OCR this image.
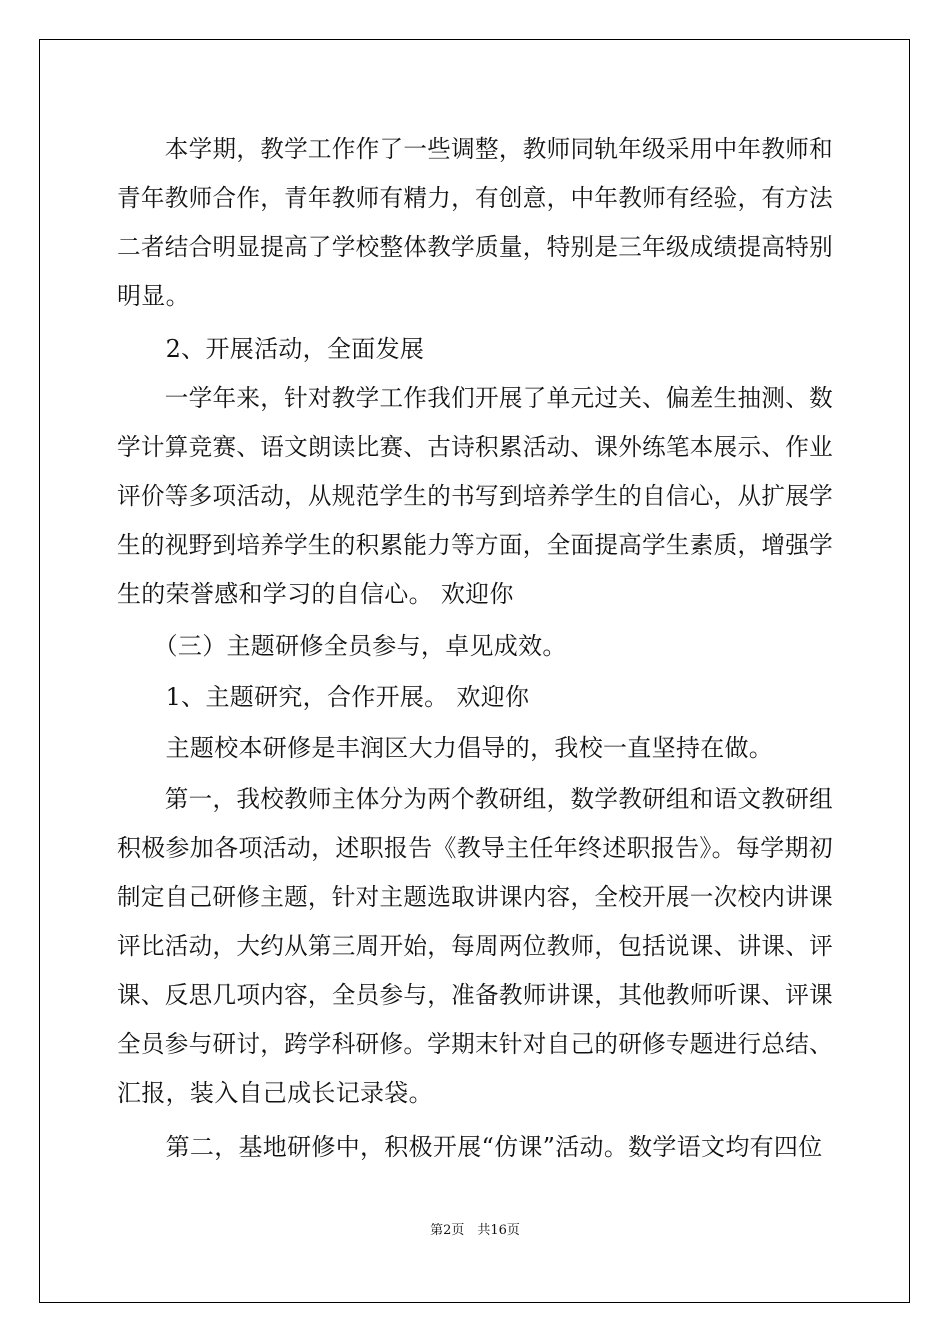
　　本学期，教学工作作了一些调整，教师同轨年级采用中年教师和
青年教师合作，青年教师有精力，有创意，中年教师有经验，有方法
二者结合明显提高了学校整体教学质量，特别是三年级成绩提高特别
明显。
　　2、开展活动，全面发展
　　一学年来，针对教学工作我们开展了单元过关、偏差生抽测、数
学计算竞赛、语文朗读比赛、古诗积累活动、课外练笔本展示、作业
评价等多项活动，从规范学生的书写到培养学生的自信心，从扩展学
生的视野到培养学生的积累能力等方面，全面提高学生素质，增强学
生的荣誉感和学习的自信心。 欢迎你
　　（三）主题研修全员参与，卓见成效。
　　1、主题研究，合作开展。 欢迎你
　　主题校本研修是丰润区大力倡导的，我校一直坚持在做。
　　第一，我校教师主体分为两个教研组，数学教研组和语文教研组
积极参加各项活动，述职报告《教导主任年终述职报告》。每学期初
制定自己研修主题，针对主题选取讲课内容，全校开展一次校内讲课
评比活动，大约从第三周开始，每周两位教师，包括说课、讲课、评
课、反思几项内容，全员参与，准备教师讲课，其他教师听课、评课
全员参与研讨，跨学科研修。学期末针对自己的研修专题进行总结、
汇报，装入自己成长记录袋。
　　第二，基地研修中，积极开展“仿课”活动。数学语文均有四位
第2页　共16页
